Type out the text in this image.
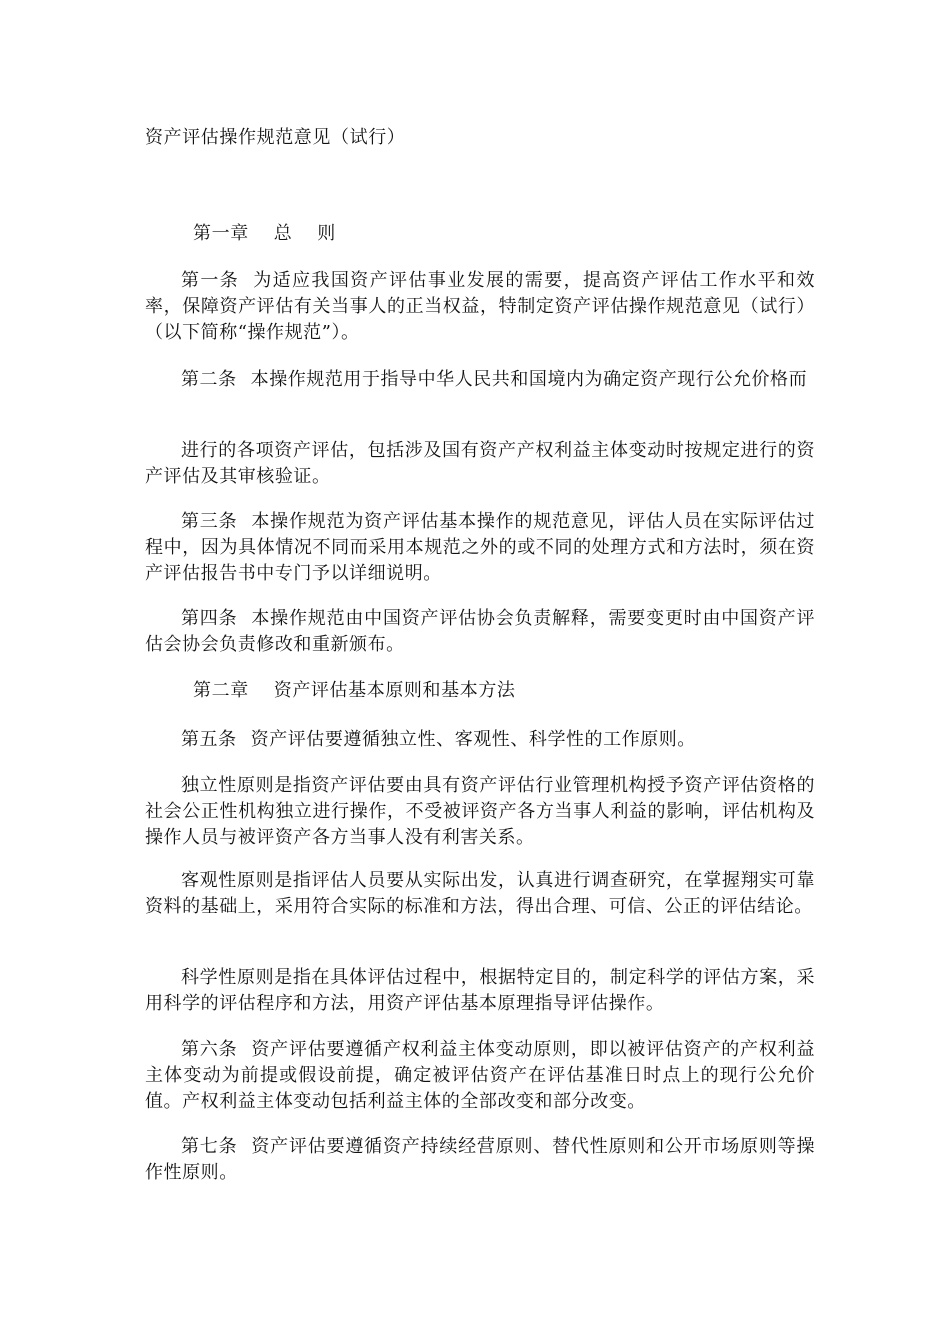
资产评估操作规范意见（试行）
第一章　 总　 则
第一条 为适应我国资产评估事业发展的需要，提高资产评估工作水平和效率，保障资产评估有关当事人的正当权益，特制定资产评估操作规范意见（试行）（以下简称“操作规范”）。
第二条 本操作规范用于指导中华人民共和国境内为确定资产现行公允价格而
进行的各项资产评估，包括涉及国有资产产权利益主体变动时按规定进行的资产评估及其审核验证。
第三条 本操作规范为资产评估基本操作的规范意见，评估人员在实际评估过程中，因为具体情况不同而采用本规范之外的或不同的处理方式和方法时，须在资产评估报告书中专门予以详细说明。
第四条 本操作规范由中国资产评估协会负责解释，需要变更时由中国资产评估会协会负责修改和重新颁布。
第二章　 资产评估基本原则和基本方法
第五条 资产评估要遵循独立性、客观性、科学性的工作原则。
独立性原则是指资产评估要由具有资产评估行业管理机构授予资产评估资格的社会公正性机构独立进行操作，不受被评资产各方当事人利益的影响，评估机构及操作人员与被评资产各方当事人没有利害关系。
客观性原则是指评估人员要从实际出发，认真进行调查研究，在掌握翔实可靠资料的基础上，采用符合实际的标准和方法，得出合理、可信、公正的评估结论。
科学性原则是指在具体评估过程中，根据特定目的，制定科学的评估方案，采用科学的评估程序和方法，用资产评估基本原理指导评估操作。
第六条 资产评估要遵循产权利益主体变动原则，即以被评估资产的产权利益主体变动为前提或假设前提，确定被评估资产在评估基准日时点上的现行公允价值。产权利益主体变动包括利益主体的全部改变和部分改变。
第七条 资产评估要遵循资产持续经营原则、替代性原则和公开市场原则等操作性原则。
